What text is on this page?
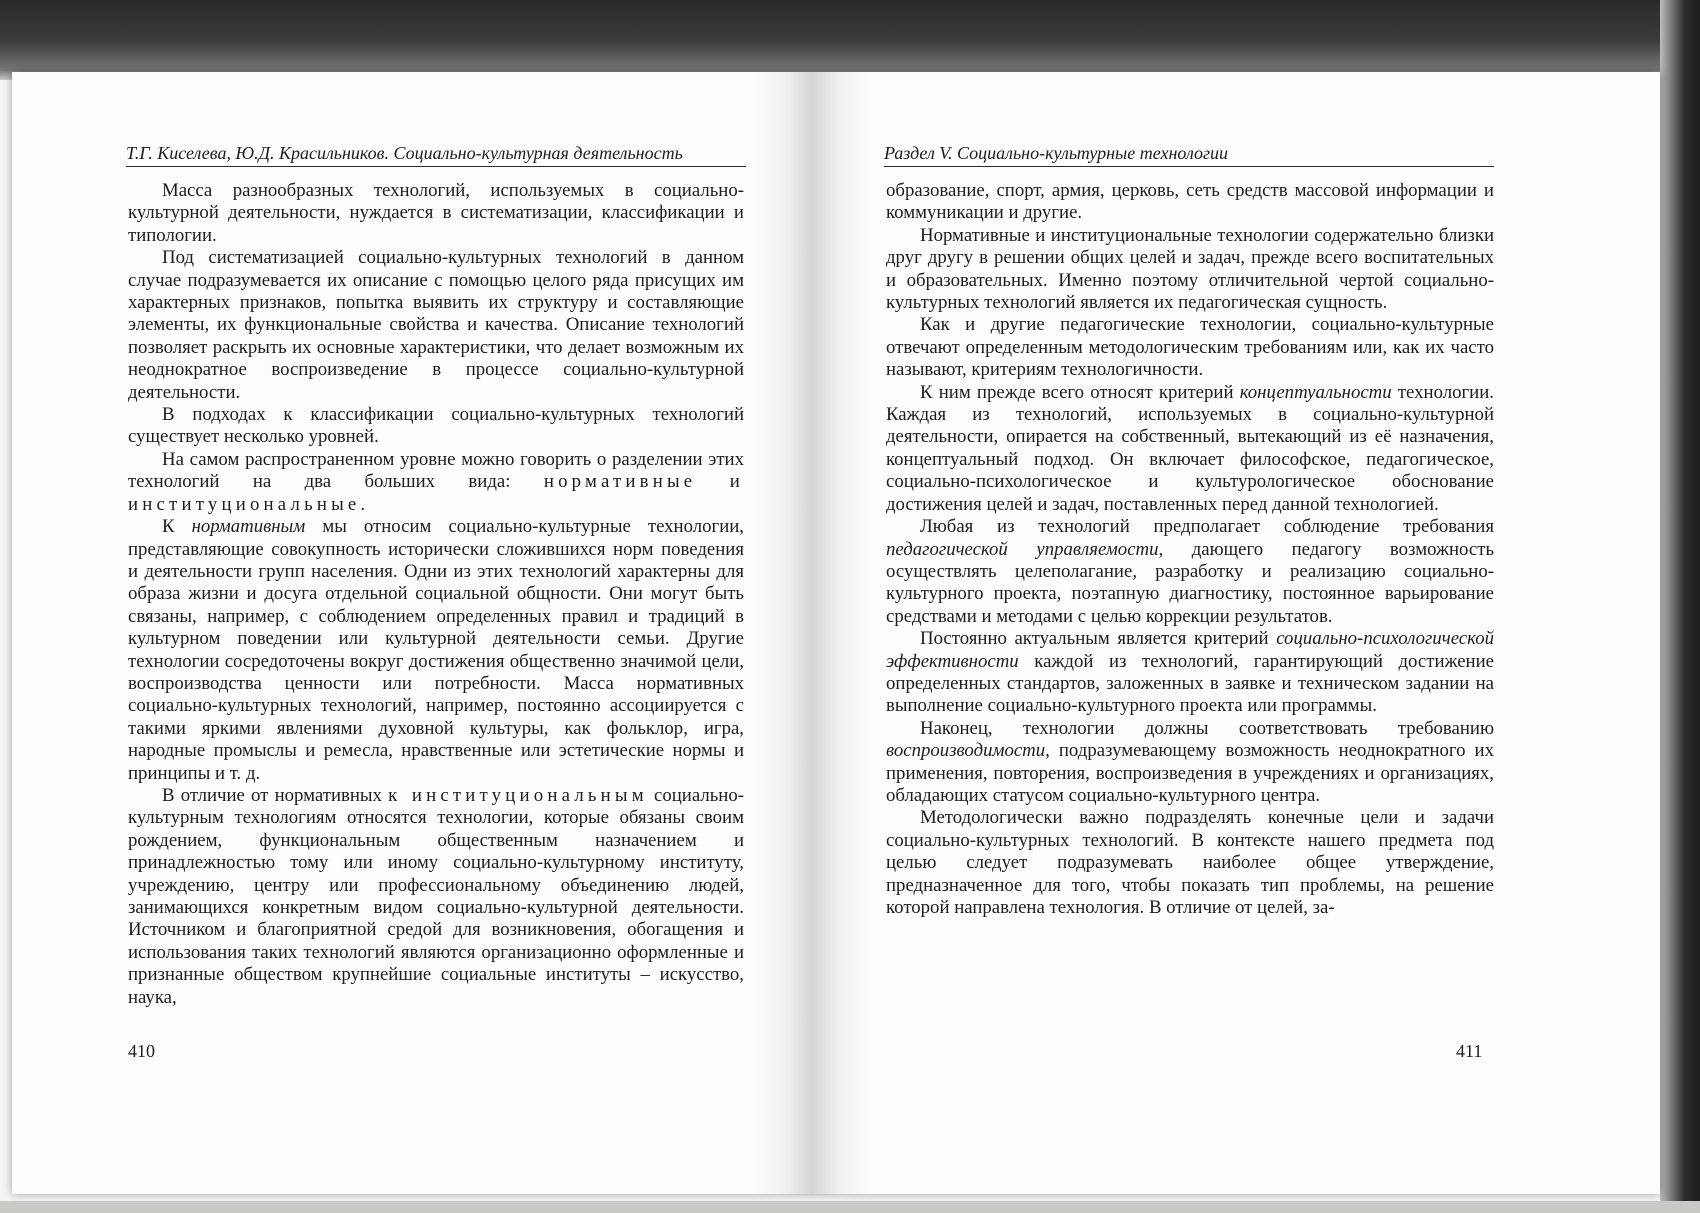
Т.Г. Киселева, Ю.Д. Красильников. Социально-культурная деятельность

Масса разнообразных технологий, используемых в социально-культурной деятельности, нуждается в систематизации, классификации и типологии.

Под систематизацией социально-культурных технологий в данном случае подразумевается их описание с помощью целого ряда присущих им характерных признаков, попытка выявить их структуру и составляющие элементы, их функциональные свойства и качества. Описание технологий позволяет раскрыть их основные характеристики, что делает возможным их неоднократное воспроизведение в процессе социально-культурной деятельности.

В подходах к классификации социально-культурных технологий существует несколько уровней.

На самом распространенном уровне можно говорить о разделении этих технологий на два больших вида: нормативные и институциональные.

К нормативным мы относим социально-культурные технологии, представляющие совокупность исторически сложившихся норм поведения и деятельности групп населения. Одни из этих технологий характерны для образа жизни и досуга отдельной социальной общности. Они могут быть связаны, например, с соблюдением определенных правил и традиций в культурном поведении или культурной деятельности семьи. Другие технологии сосредоточены вокруг достижения общественно значимой цели, воспроизводства ценности или потребности. Масса нормативных социально-культурных технологий, например, постоянно ассоциируется с такими яркими явлениями духовной культуры, как фольклор, игра, народные промыслы и ремесла, нравственные или эстетические нормы и принципы и т. д.

В отличие от нормативных к институциональным социально-культурным технологиям относятся технологии, которые обязаны своим рождением, функциональным общественным назначением и принадлежностью тому или иному социально-культурному институту, учреждению, центру или профессиональному объединению людей, занимающихся конкретным видом социально-культурной деятельности. Источником и благоприятной средой для возникновения, обогащения и использования таких технологий являются организационно оформленные и признанные обществом крупнейшие социальные институты – искусство, наука,

410
Раздел V. Социально-культурные технологии

образование, спорт, армия, церковь, сеть средств массовой информации и коммуникации и другие.

Нормативные и институциональные технологии содержательно близки друг другу в решении общих целей и задач, прежде всего воспитательных и образовательных. Именно поэтому отличительной чертой социально-культурных технологий является их педагогическая сущность.

Как и другие педагогические технологии, социально-культурные отвечают определенным методологическим требованиям или, как их часто называют, критериям технологичности.

К ним прежде всего относят критерий концептуальности технологии. Каждая из технологий, используемых в социально-культурной деятельности, опирается на собственный, вытекающий из её назначения, концептуальный подход. Он включает философское, педагогическое, социально-психологическое и культурологическое обоснование достижения целей и задач, поставленных перед данной технологией.

Любая из технологий предполагает соблюдение требования педагогической управляемости, дающего педагогу возможность осуществлять целеполагание, разработку и реализацию социально-культурного проекта, поэтапную диагностику, постоянное варьирование средствами и методами с целью коррекции результатов.

Постоянно актуальным является критерий социально-психологической эффективности каждой из технологий, гарантирующий достижение определенных стандартов, заложенных в заявке и техническом задании на выполнение социально-культурного проекта или программы.

Наконец, технологии должны соответствовать требованию воспроизводимости, подразумевающему возможность неоднократного их применения, повторения, воспроизведения в учреждениях и организациях, обладающих статусом социально-культурного центра.

Методологически важно подразделять конечные цели и задачи социально-культурных технологий. В контексте нашего предмета под целью следует подразумевать наиболее общее утверждение, предназначенное для того, чтобы показать тип проблемы, на решение которой направлена технология. В отличие от целей, за-

411
